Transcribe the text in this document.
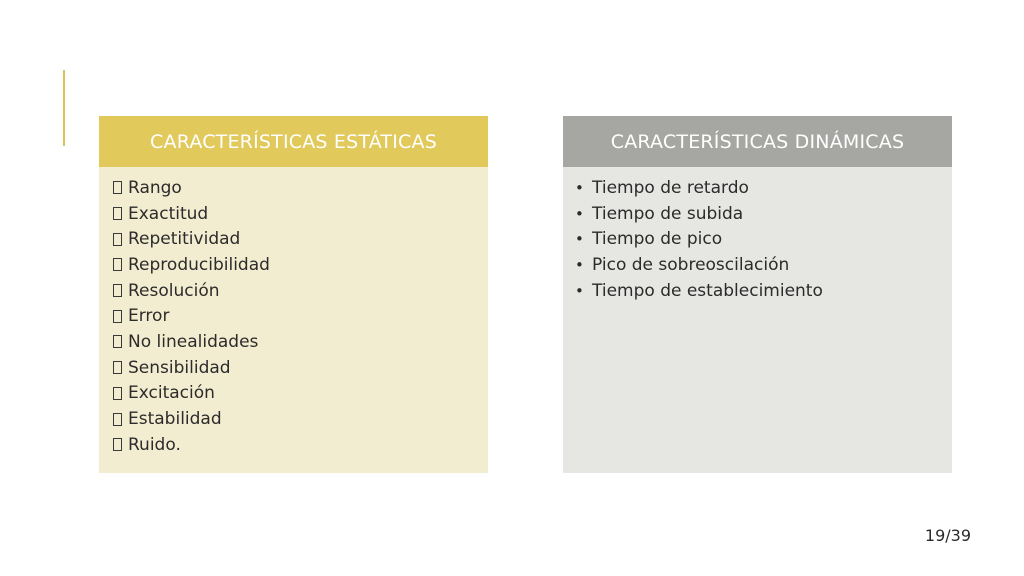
CARACTERÍSTICAS ESTÁTICAS
Rango
Exactitud
Repetitividad
Reproducibilidad
Resolución
Error
No linealidades
Sensibilidad
Excitación
Estabilidad
Ruido.
CARACTERÍSTICAS DINÁMICAS
• Tiempo de retardo
• Tiempo de subida
• Tiempo de pico
• Pico de sobreoscilación
• Tiempo de establecimiento
19/39
